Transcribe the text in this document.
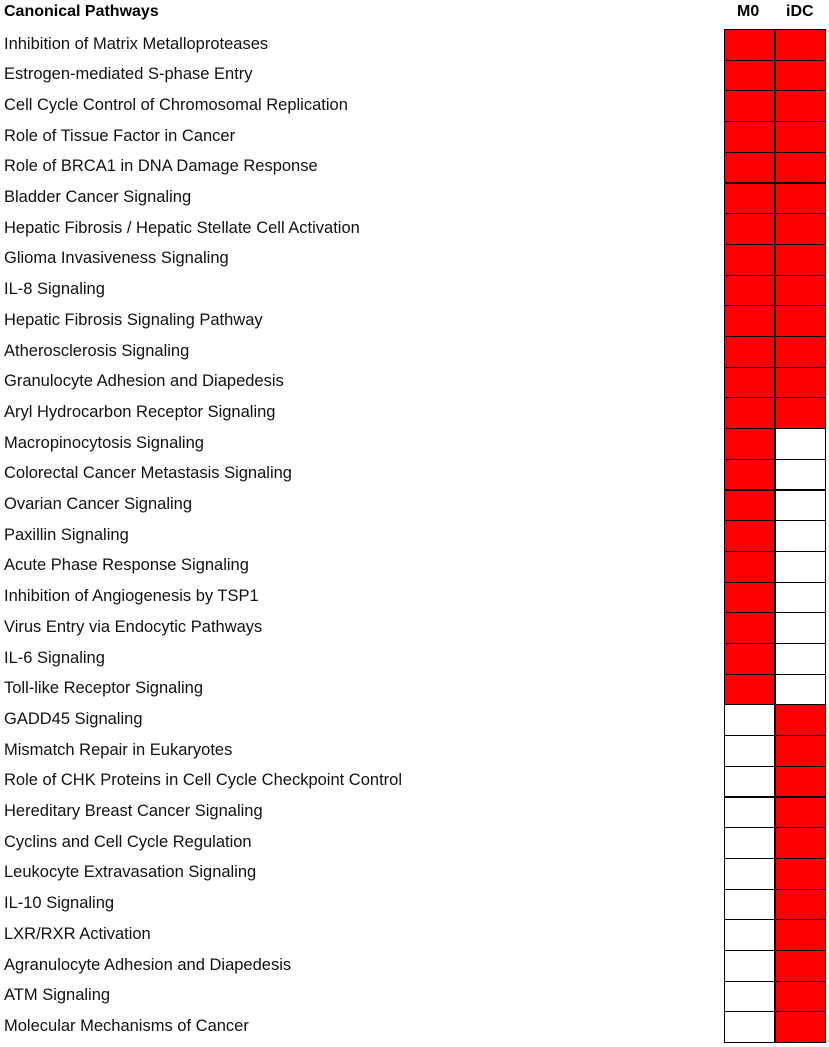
Canonical Pathways	M0 iDC
Inhibition of Matrix Metalloproteases
Estrogen-mediated S-phase Entry
Cell Cycle Control of Chromosomal Replication
Role of Tissue Factor in Cancer
Role of BRCA1 in DNA Damage Response
Bladder Cancer Signaling
Hepatic Fibrosis / Hepatic Stellate Cell Activation
Glioma Invasiveness Signaling
IL-8 Signaling
Hepatic Fibrosis Signaling Pathway
Atherosclerosis Signaling
Granulocyte Adhesion and Diapedesis
Aryl Hydrocarbon Receptor Signaling
Macropinocytosis Signaling
Colorectal Cancer Metastasis Signaling
Ovarian Cancer Signaling
Paxillin Signaling
Acute Phase Response Signaling
Inhibition of Angiogenesis by TSP1
Virus Entry via Endocytic Pathways
IL-6 Signaling
Toll-like Receptor Signaling
GADD45 Signaling
Mismatch Repair in Eukaryotes
Role of CHK Proteins in Cell Cycle Checkpoint Control
Hereditary Breast Cancer Signaling
Cyclins and Cell Cycle Regulation
Leukocyte Extravasation Signaling
IL-10 Signaling
LXR/RXR Activation
Agranulocyte Adhesion and Diapedesis
ATM Signaling
Molecular Mechanisms of Cancer
